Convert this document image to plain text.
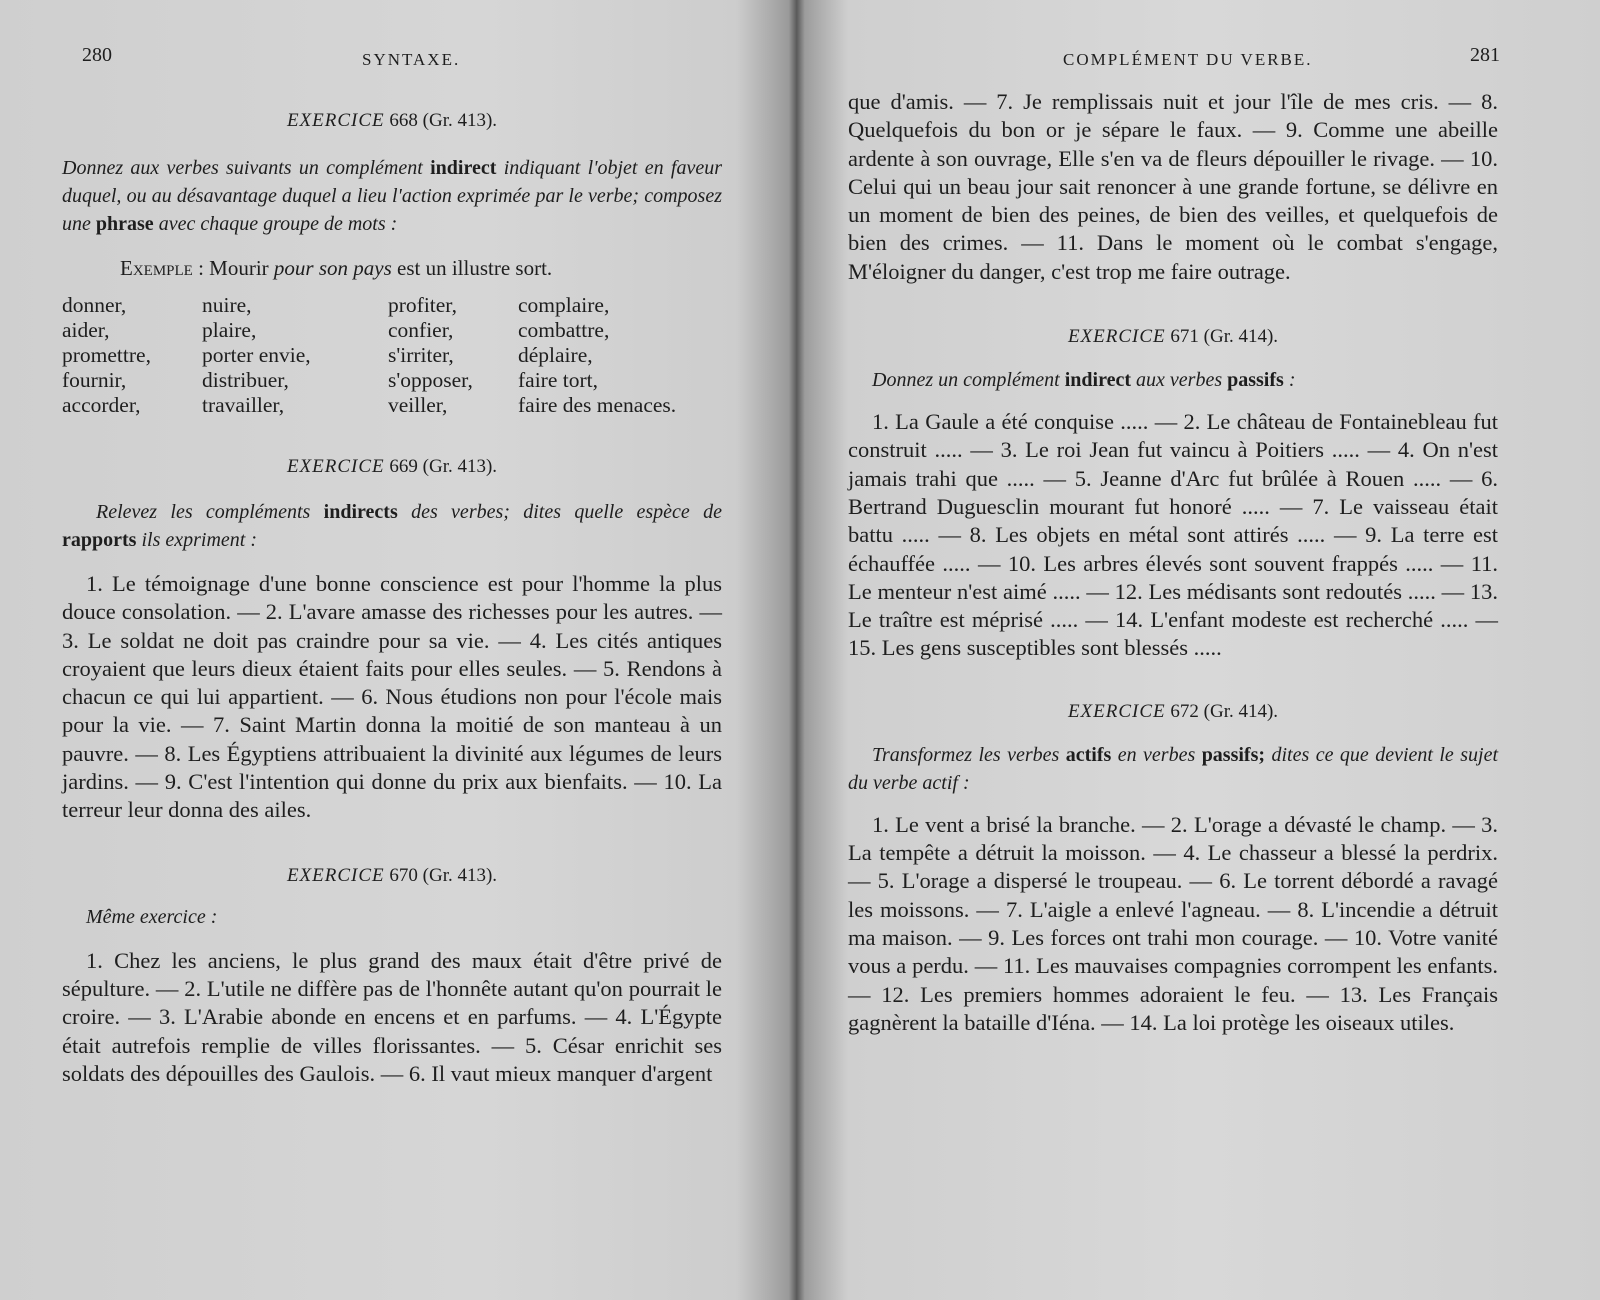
280	SYNTAXE.

EXERCICE 668 (Gr. 413).

Donnez aux verbes suivants un complément indirect indiquant l'objet en faveur duquel, ou au désavantage duquel a lieu l'action exprimée par le verbe; composez une phrase avec chaque groupe de mots :

Exemple : Mourir pour son pays est un illustre sort.

donner,
aider,
promettre,
fournir,
accorder,
nuire,
plaire,
porter envie,
distribuer,
travailler,
profiter,
confier,
s'irriter,
s'opposer,
veiller,
complaire,
combattre,
déplaire,
faire tort,
faire des menaces.

EXERCICE 669 (Gr. 413).

Relevez les compléments indirects des verbes; dites quelle espèce de rapports ils expriment :

1. Le témoignage d'une bonne conscience est pour l'homme la plus douce consolation. — 2. L'avare amasse des richesses pour les autres. — 3. Le soldat ne doit pas craindre pour sa vie. — 4. Les cités antiques croyaient que leurs dieux étaient faits pour elles seules. — 5. Rendons à chacun ce qui lui appartient. — 6. Nous étudions non pour l'école mais pour la vie. — 7. Saint Martin donna la moitié de son manteau à un pauvre. — 8. Les Égyptiens attribuaient la divinité aux légumes de leurs jardins. — 9. C'est l'intention qui donne du prix aux bienfaits. — 10. La terreur leur donna des ailes.

EXERCICE 670 (Gr. 413).

Même exercice :

1. Chez les anciens, le plus grand des maux était d'être privé de sépulture. — 2. L'utile ne diffère pas de l'honnête autant qu'on pourrait le croire. — 3. L'Arabie abonde en encens et en parfums. — 4. L'Égypte était autrefois remplie de villes florissantes. — 5. César enrichit ses soldats des dépouilles des Gaulois. — 6. Il vaut mieux manquer d'argent

COMPLÉMENT DU VERBE.	281

que d'amis. — 7. Je remplissais nuit et jour l'île de mes cris. — 8. Quelquefois du bon or je sépare le faux. — 9. Comme une abeille ardente à son ouvrage, Elle s'en va de fleurs dépouiller le rivage. — 10. Celui qui un beau jour sait renoncer à une grande fortune, se délivre en un moment de bien des peines, de bien des veilles, et quelquefois de bien des crimes. — 11. Dans le moment où le combat s'engage, M'éloigner du danger, c'est trop me faire outrage.

EXERCICE 671 (Gr. 414).

Donnez un complément indirect aux verbes passifs :

1. La Gaule a été conquise ..... — 2. Le château de Fontainebleau fut construit ..... — 3. Le roi Jean fut vaincu à Poitiers ..... — 4. On n'est jamais trahi que ..... — 5. Jeanne d'Arc fut brûlée à Rouen ..... — 6. Bertrand Duguesclin mourant fut honoré ..... — 7. Le vaisseau était battu ..... — 8. Les objets en métal sont attirés ..... — 9. La terre est échauffée ..... — 10. Les arbres élevés sont souvent frappés ..... — 11. Le menteur n'est aimé ..... — 12. Les médisants sont redoutés ..... — 13. Le traître est méprisé ..... — 14. L'enfant modeste est recherché ..... — 15. Les gens susceptibles sont blessés .....

EXERCICE 672 (Gr. 414).

Transformez les verbes actifs en verbes passifs; dites ce que devient le sujet du verbe actif :

1. Le vent a brisé la branche. — 2. L'orage a dévasté le champ. — 3. La tempête a détruit la moisson. — 4. Le chasseur a blessé la perdrix. — 5. L'orage a dispersé le troupeau. — 6. Le torrent débordé a ravagé les moissons. — 7. L'aigle a enlevé l'agneau. — 8. L'incendie a détruit ma maison. — 9. Les forces ont trahi mon courage. — 10. Votre vanité vous a perdu. — 11. Les mauvaises compagnies corrompent les enfants. — 12. Les premiers hommes adoraient le feu. — 13. Les Français gagnèrent la bataille d'Iéna. — 14. La loi protège les oiseaux utiles.
